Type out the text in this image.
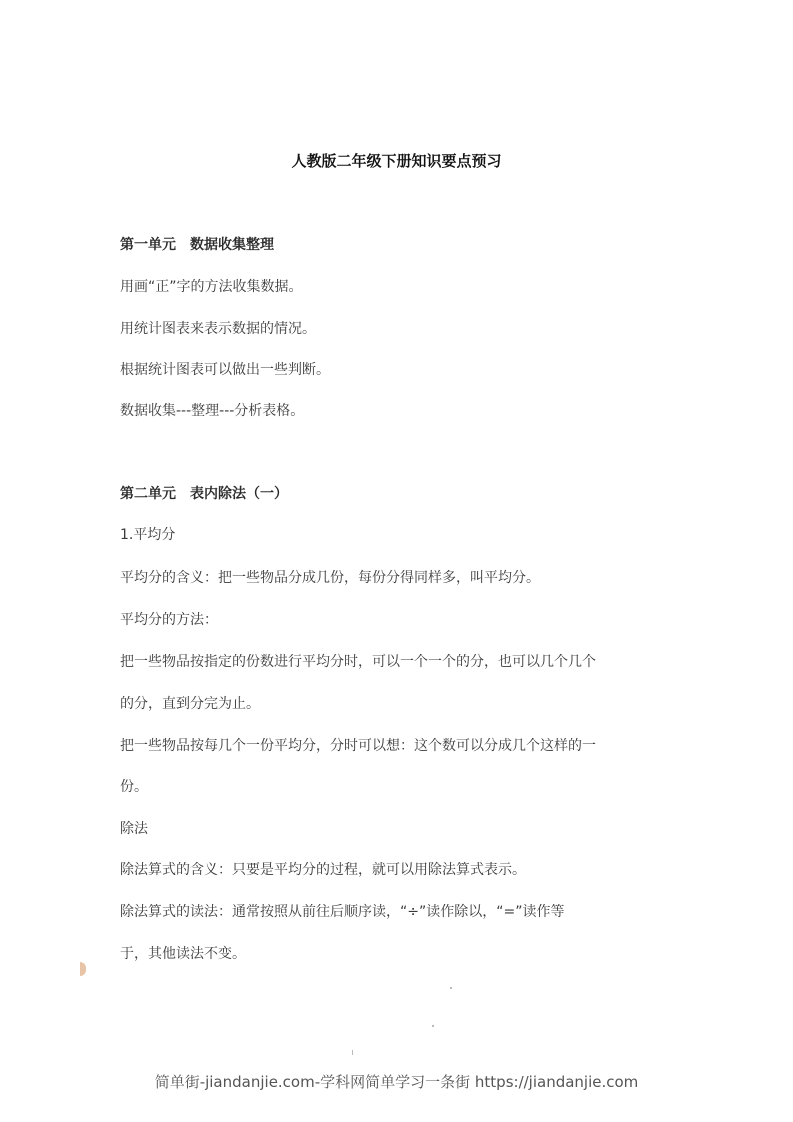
人教版二年级下册知识要点预习
第一单元　数据收集整理
用画“正”字的方法收集数据。
用统计图表来表示数据的情况。
根据统计图表可以做出一些判断。
数据收集---整理---分析表格。
第二单元　表内除法（一）
1.平均分
平均分的含义：把一些物品分成几份，每份分得同样多，叫平均分。
平均分的方法：
把一些物品按指定的份数进行平均分时，可以一个一个的分，也可以几个几个
的分，直到分完为止。
把一些物品按每几个一份平均分，分时可以想：这个数可以分成几个这样的一
份。
除法
除法算式的含义：只要是平均分的过程，就可以用除法算式表示。
除法算式的读法：通常按照从前往后顺序读，“÷”读作除以，“=”读作等
于，其他读法不变。
简单街-jiandanjie.com-学科网简单学习一条街 https://jiandanjie.com
